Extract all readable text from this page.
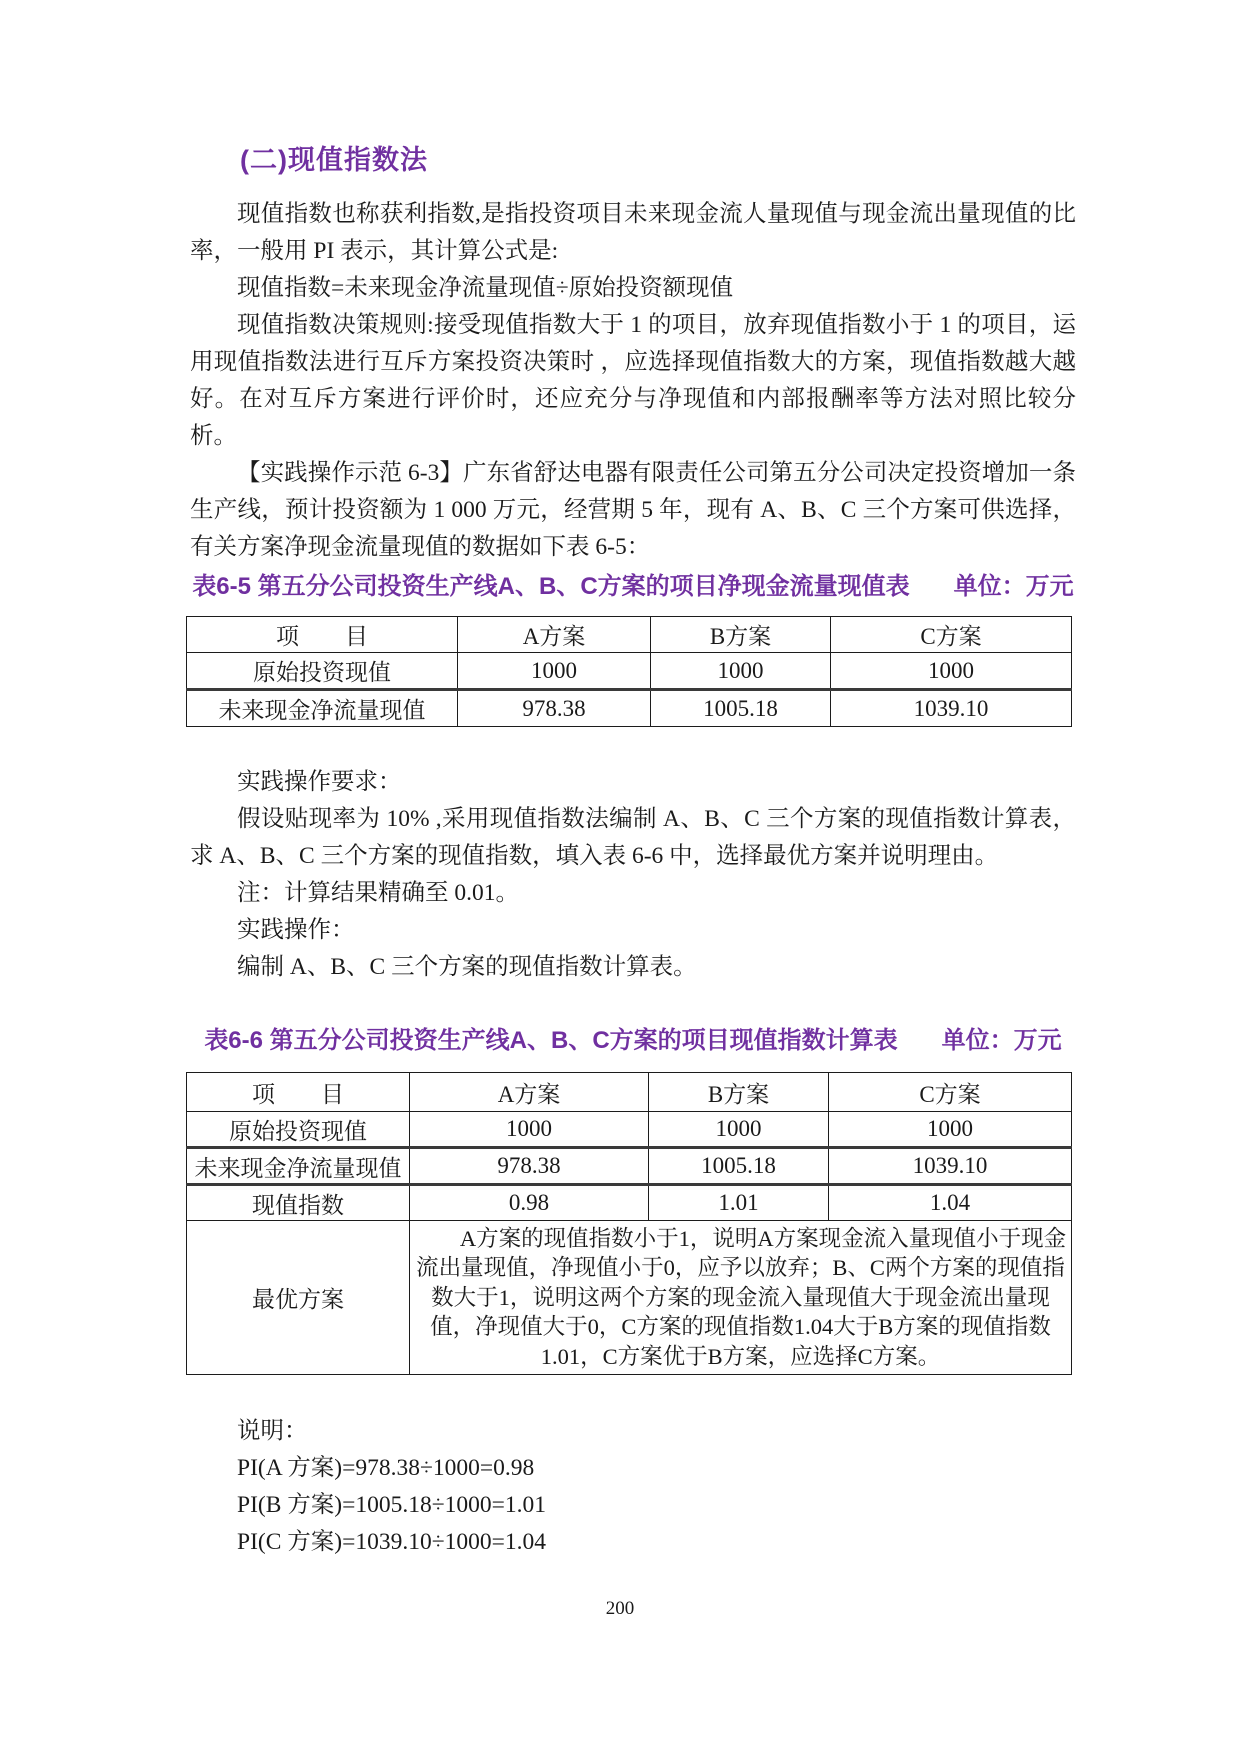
(二)现值指数法

现值指数也称获利指数,是指投资项目未来现金流人量现值与现金流出量现值的比率，一般用 PI 表示，其计算公式是:

现值指数=未来现金净流量现值÷原始投资额现值

现值指数决策规则:接受现值指数大于 1 的项目，放弃现值指数小于 1 的项目，运用现值指数法进行互斥方案投资决策时 ，应选择现值指数大的方案，现值指数越大越好。在对互斥方案进行评价时，还应充分与净现值和内部报酬率等方法对照比较分析。

【实践操作示范 6-3】广东省舒达电器有限责任公司第五分公司决定投资增加一条生产线，预计投资额为 1 000 万元，经营期 5 年，现有 A、B、C 三个方案可供选择，有关方案净现金流量现值的数据如下表 6-5：

表6-5 第五分公司投资生产线A、B、C方案的项目净现金流量现值表 单位：万元
项　　目	A方案	B方案	C方案
原始投资现值	1000	1000	1000
未来现金净流量现值	978.38	1005.18	1039.10

实践操作要求：

假设贴现率为 10% ,采用现值指数法编制 A、B、C 三个方案的现值指数计算表，求 A、B、C 三个方案的现值指数，填入表 6-6 中，选择最优方案并说明理由。

注：计算结果精确至 0.01。

实践操作：

编制 A、B、C 三个方案的现值指数计算表。

表6-6 第五分公司投资生产线A、B、C方案的项目现值指数计算表 单位：万元
项　　目	A方案	B方案	C方案
原始投资现值	1000	1000	1000
未来现金净流量现值	978.38	1005.18	1039.10
现值指数	0.98	1.01	1.04
最优方案	A方案的现值指数小于1，说明A方案现金流入量现值小于现金流出量现值，净现值小于0，应予以放弃；B、C两个方案的现值指数大于1，说明这两个方案的现金流入量现值大于现金流出量现值，净现值大于0，C方案的现值指数1.04大于B方案的现值指数1.01，C方案优于B方案，应选择C方案。		

说明：

PI(A 方案)=978.38÷1000=0.98

PI(B 方案)=1005.18÷1000=1.01

PI(C 方案)=1039.10÷1000=1.04

200
